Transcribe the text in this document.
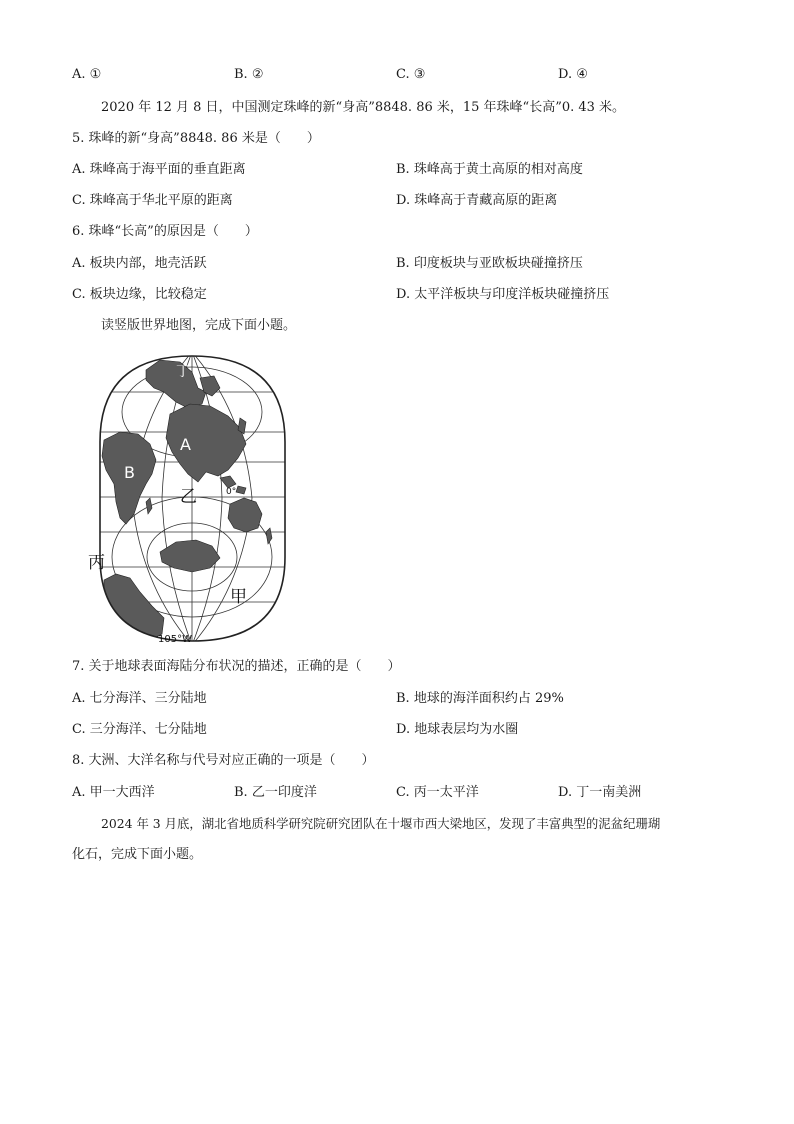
A. ①	B. ②	C. ③	D. ④
2020 年 12 月 8 日，中国测定珠峰的新“身高”8848. 86 米，15 年珠峰“长高”0. 43 米。
5. 珠峰的新“身高”8848. 86 米是（　　）
A. 珠峰高于海平面的垂直距离	B. 珠峰高于黄土高原的相对高度
C. 珠峰高于华北平原的距离	D. 珠峰高于青藏高原的距离
6. 珠峰“长高”的原因是（　　）
A. 板块内部，地壳活跃	B. 印度板块与亚欧板块碰撞挤压
C. 板块边缘，比较稳定	D. 太平洋板块与印度洋板块碰撞挤压
读竖版世界地图，完成下面小题。
丁
A
B
乙	0°
丙
甲
105°W
7. 关于地球表面海陆分布状况的描述，正确的是（　　）
A. 七分海洋、三分陆地	B. 地球的海洋面积约占 29%
C. 三分海洋、七分陆地	D. 地球表层均为水圈
8. 大洲、大洋名称与代号对应正确的一项是（　　）
A. 甲一大西洋	B. 乙一印度洋	C. 丙一太平洋	D. 丁一南美洲
2024 年 3 月底，湖北省地质科学研究院研究团队在十堰市西大梁地区，发现了丰富典型的泥盆纪珊瑚
化石，完成下面小题。
